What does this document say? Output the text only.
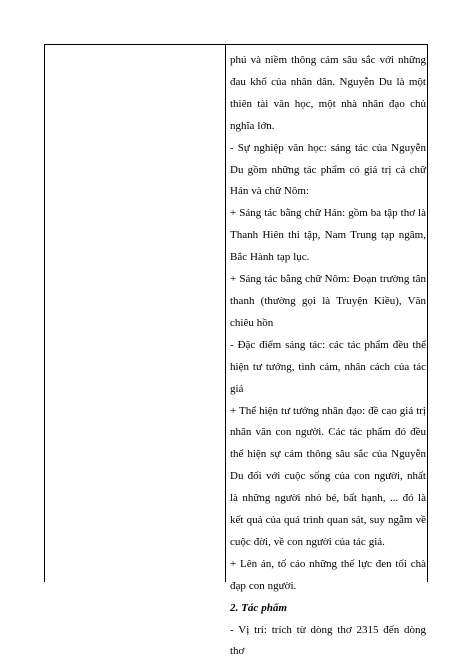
phú và niềm thông cảm sâu sắc với những đau khổ của nhân dân. Nguyễn Du là một thiên tài văn học, một nhà nhân đạo chủ nghĩa lớn.

- Sự nghiệp văn học: sáng tác của Nguyễn Du gồm những tác phẩm có giá trị cả chữ Hán và chữ Nôm:

+ Sáng tác bằng chữ Hán: gồm ba tập thơ là Thanh Hiên thi tập, Nam Trung tạp ngâm, Bắc Hành tạp lục.

+ Sáng tác bằng chữ Nôm: Đoạn trường tân thanh (thường gọi là Truyện Kiều), Văn chiêu hồn

- Đặc điểm sáng tác: các tác phẩm đều thể hiện tư tưởng, tình cảm, nhân cách của tác giả

+ Thể hiện tư tưởng nhân đạo: đề cao giá trị nhân văn con người. Các tác phẩm đó đều thể hiện sự cảm thông sâu sắc của Nguyễn Du đối với cuộc sống của con người, nhất là những người nhỏ bé, bất hạnh, ... đó là kết quả của quá trình quan sát, suy ngẫm về cuộc đời, về con người của tác giả.

+ Lên án, tố cáo những thế lực đen tối chà đạp con người.

2. Tác phẩm

- Vị trí: trích từ dòng thơ 2315 đến dòng thơ
